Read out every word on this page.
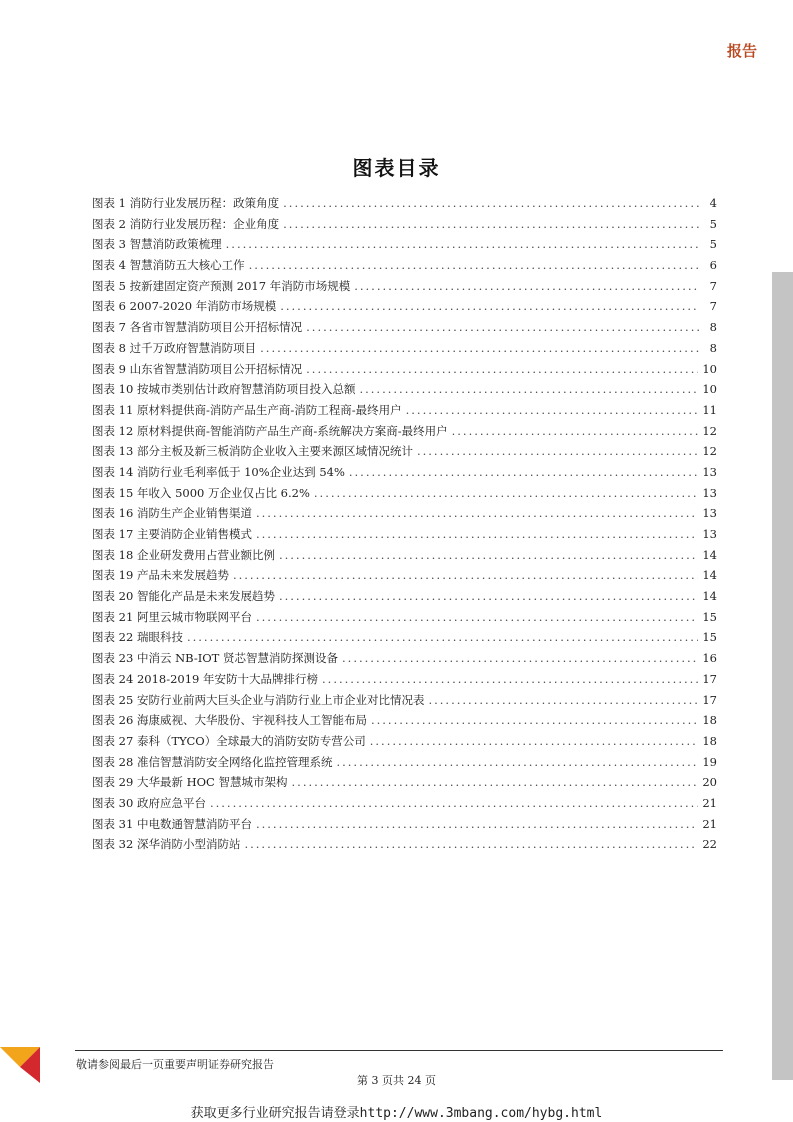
报告
图表目录
图表 1 消防行业发展历程：政策角度 .....	4
图表 2 消防行业发展历程：企业角度 .....	5
图表 3 智慧消防政策梳理 .....	5
图表 4 智慧消防五大核心工作 .....	6
图表 5 按新建固定资产预测 2017 年消防市场规模 .....	7
图表 6 2007-2020 年消防市场规模 .....	7
图表 7 各省市智慧消防项目公开招标情况 .....	8
图表 8 过千万政府智慧消防项目 .....	8
图表 9 山东省智慧消防项目公开招标情况 .....	10
图表 10 按城市类别估计政府智慧消防项目投入总额 .....	10
图表 11 原材料提供商-消防产品生产商-消防工程商-最终用户 .....	11
图表 12 原材料提供商-智能消防产品生产商-系统解决方案商-最终用户 .....	12
图表 13 部分主板及新三板消防企业收入主要来源区域情况统计 .....	12
图表 14 消防行业毛利率低于 10%企业达到 54% .....	13
图表 15 年收入 5000 万企业仅占比 6.2% .....	13
图表 16 消防生产企业销售渠道 .....	13
图表 17 主要消防企业销售模式 .....	13
图表 18 企业研发费用占营业额比例 .....	14
图表 19 产品未来发展趋势 .....	14
图表 20 智能化产品是未来发展趋势 .....	14
图表 21 阿里云城市物联网平台 .....	15
图表 22 瑞眼科技 .....	15
图表 23 中消云 NB-IOT 贤芯智慧消防探测设备 .....	16
图表 24 2018-2019 年安防十大品牌排行榜 .....	17
图表 25 安防行业前两大巨头企业与消防行业上市企业对比情况表 .....	17
图表 26 海康威视、大华股份、宇视科技人工智能布局 .....	18
图表 27 泰科（TYCO）全球最大的消防安防专营公司 .....	18
图表 28 准信智慧消防安全网络化监控管理系统 .....	19
图表 29 大华最新 HOC 智慧城市架构 .....	20
图表 30 政府应急平台 .....	21
图表 31 中电数通智慧消防平台 .....	21
图表 32 深华消防小型消防站 .....	22
敬请参阅最后一页重要声明证券研究报告
第 3 页共 24 页
获取更多行业研究报告请登录http://www.3mbang.com/hybg.html
